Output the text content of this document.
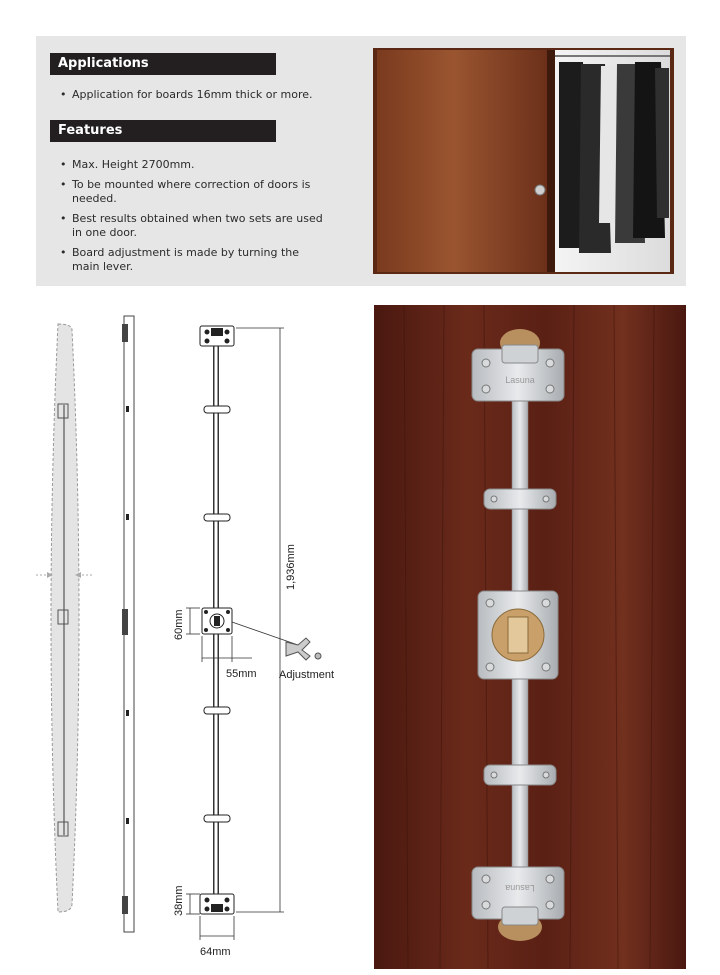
Applications
• Application for boards 16mm thick or more.
Features
• Max. Height 2700mm.
• To be mounted where correction of doors is needed.
• Best results obtained when two sets are used in one door.
• Board adjustment is made by turning the main lever.
1,936mm
60mm
55mm Adjustment
38mm
64mm
Lasuna
Lasuna
